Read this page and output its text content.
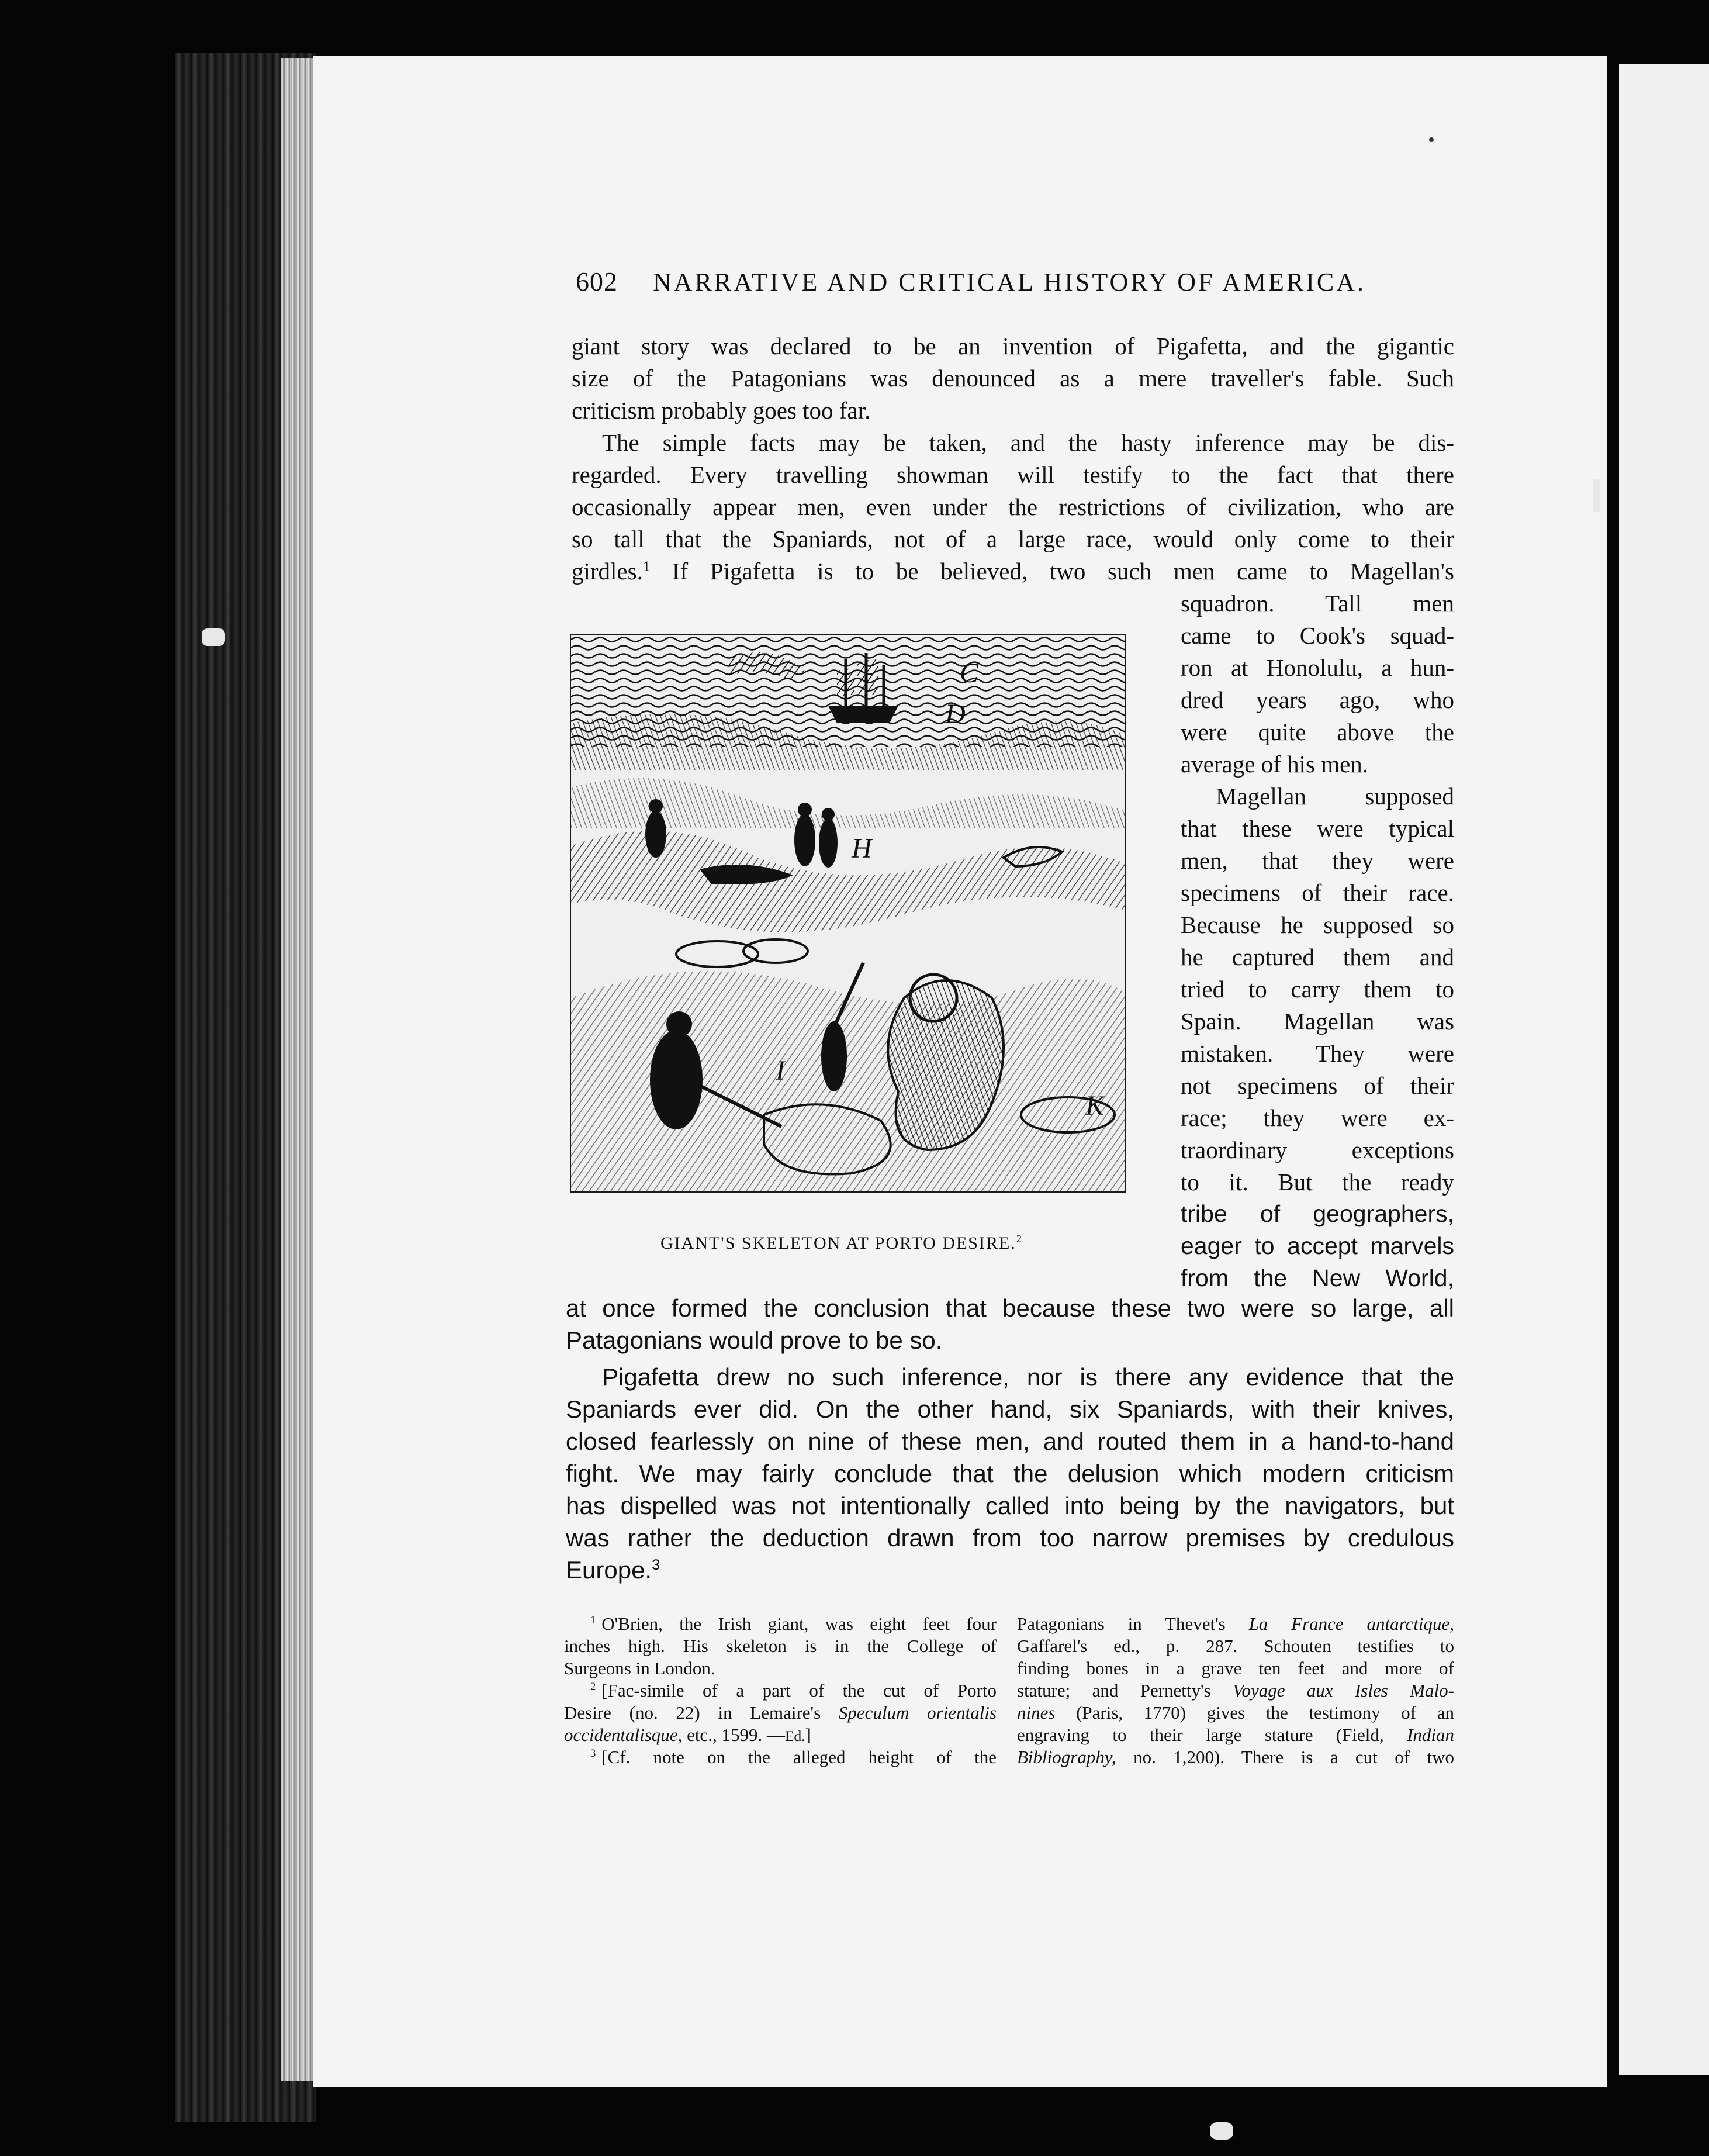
602 NARRATIVE AND CRITICAL HISTORY OF AMERICA.
giant story was declared to be an invention of Pigafetta, and the gigantic
size of the Patagonians was denounced as a mere traveller's fable. Such
criticism probably goes too far.
The simple facts may be taken, and the hasty inference may be dis-
regarded. Every travelling showman will testify to the fact that there
occasionally appear men, even under the restrictions of civilization, who are
so tall that the Spaniards, not of a large race, would only come to their
girdles.$^1$ If Pigafetta is to be believed, two such men came to Magellan's
squadron. Tall men
came to Cook's squad-
ron at Honolulu, a hun-
dred years ago, who
were quite above the
average of his men.
Magellan supposed
that these were typical
men, that they were
specimens of their race.
Because he supposed so
he captured them and
tried to carry them to
Spain. Magellan was
mistaken. They were
not specimens of their
race; they were ex-
traordinary exceptions
to it. But the ready
tribe of geographers,
eager to accept marvels
from the New World,
C
D
H
I
K
GIANT'S SKELETON AT PORTO DESIRE.$^2$
at once formed the conclusion that because these two were so large, all
Patagonians would prove to be so.
Pigafetta drew no such inference, nor is there any evidence that the
Spaniards ever did. On the other hand, six Spaniards, with their knives,
closed fearlessly on nine of these men, and routed them in a hand-to-hand
fight. We may fairly conclude that the delusion which modern criticism
has dispelled was not intentionally called into being by the navigators, but
was rather the deduction drawn from too narrow premises by credulous
Europe.$^3$
$^1$ O'Brien, the Irish giant, was eight feet four
inches high. His skeleton is in the College of
Surgeons in London.
$^2$ [Fac-simile of a part of the cut of Porto
Desire (no. 22) in Lemaire's Speculum orientalis
occidentalisque, etc., 1599. —Ed.]
$^3$ [Cf. note on the alleged height of the
Patagonians in Thevet's La France antarctique,
Gaffarel's ed., p. 287. Schouten testifies to
finding bones in a grave ten feet and more of
stature; and Pernetty's Voyage aux Isles Malo-
nines (Paris, 1770) gives the testimony of an
engraving to their large stature (Field, Indian
Bibliography, no. 1,200). There is a cut of two
